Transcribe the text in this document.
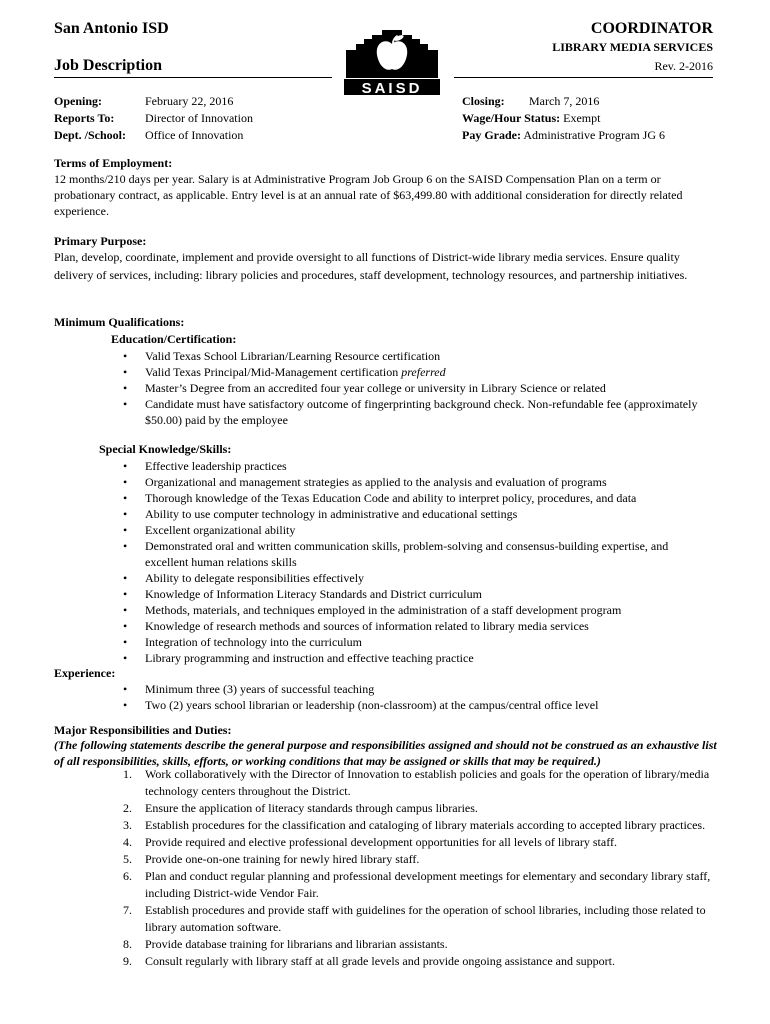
San Antonio ISD
Job Description
COORDINATOR
LIBRARY MEDIA SERVICES
Rev. 2-2016
SAISD
Opening:	February 22, 2016
Reports To:	Director of Innovation
Dept. /School: Office of Innovation
Closing: March 7, 2016
Wage/Hour Status: Exempt
Pay Grade: Administrative Program JG 6
Terms of Employment:
12 months/210 days per year. Salary is at Administrative Program Job Group 6 on the SAISD Compensation Plan on a term or probationary contract, as applicable. Entry level is at an annual rate of $63,499.80 with additional consideration for directly related experience.
Primary Purpose:
Plan, develop, coordinate, implement and provide oversight to all functions of District-wide library media services. Ensure quality delivery of services, including: library policies and procedures, staff development, technology resources, and partnership initiatives.
Minimum Qualifications:
Education/Certification:
• Valid Texas School Librarian/Learning Resource certification
• Valid Texas Principal/Mid-Management certification preferred
• Master’s Degree from an accredited four year college or university in Library Science or related
• Candidate must have satisfactory outcome of fingerprinting background check. Non-refundable fee (approximately $50.00) paid by the employee
Special Knowledge/Skills:
• Effective leadership practices
• Organizational and management strategies as applied to the analysis and evaluation of programs
• Thorough knowledge of the Texas Education Code and ability to interpret policy, procedures, and data
• Ability to use computer technology in administrative and educational settings
• Excellent organizational ability
• Demonstrated oral and written communication skills, problem-solving and consensus-building expertise, and excellent human relations skills
• Ability to delegate responsibilities effectively
• Knowledge of Information Literacy Standards and District curriculum
• Methods, materials, and techniques employed in the administration of a staff development program
• Knowledge of research methods and sources of information related to library media services
• Integration of technology into the curriculum
• Library programming and instruction and effective teaching practice
Experience:
• Minimum three (3) years of successful teaching
• Two (2) years school librarian or leadership (non-classroom) at the campus/central office level
Major Responsibilities and Duties:
(The following statements describe the general purpose and responsibilities assigned and should not be construed as an exhaustive list of all responsibilities, skills, efforts, or working conditions that may be assigned or skills that may be required.)
1. Work collaboratively with the Director of Innovation to establish policies and goals for the operation of library/media technology centers throughout the District.
2. Ensure the application of literacy standards through campus libraries.
3. Establish procedures for the classification and cataloging of library materials according to accepted library practices.
4. Provide required and elective professional development opportunities for all levels of library staff.
5. Provide one-on-one training for newly hired library staff.
6. Plan and conduct regular planning and professional development meetings for elementary and secondary library staff, including District-wide Vendor Fair.
7. Establish procedures and provide staff with guidelines for the operation of school libraries, including those related to library automation software.
8. Provide database training for librarians and librarian assistants.
9. Consult regularly with library staff at all grade levels and provide ongoing assistance and support.
